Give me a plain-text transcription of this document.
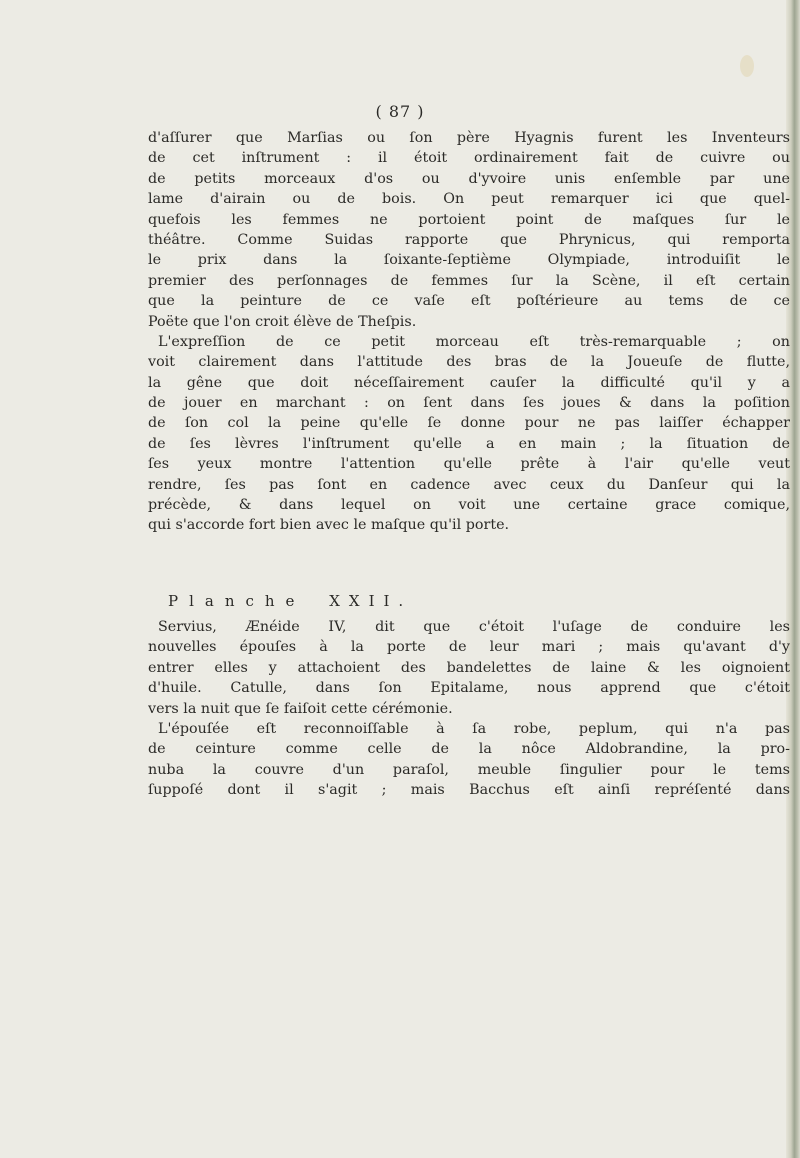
( 87 )
d'aſſurer que Marſias ou ſon père Hyagnis furent les Inventeurs
de cet inſtrument : il étoit ordinairement fait de cuivre ou
de petits morceaux d'os ou d'yvoire unis enſemble par une
lame d'airain ou de bois. On peut remarquer ici que quel-
quefois les femmes ne portoient point de maſques ſur le
théâtre. Comme Suidas rapporte que Phrynicus, qui remporta
le prix dans la ſoixante-ſeptième Olympiade, introduiſit le
premier des perſonnages de femmes ſur la Scène, il eſt certain
que la peinture de ce vaſe eſt poſtérieure au tems de ce
Poëte que l'on croit élève de Theſpis.
L'expreſſion de ce petit morceau eſt très-remarquable ; on
voit clairement dans l'attitude des bras de la Joueuſe de flutte,
la gêne que doit néceſſairement cauſer la difficulté qu'il y a
de jouer en marchant : on ſent dans ſes joues & dans la poſition
de ſon col la peine qu'elle ſe donne pour ne pas laiſſer échapper
de ſes lèvres l'inſtrument qu'elle a en main ; la ſituation de
ſes yeux montre l'attention qu'elle prête à l'air qu'elle veut
rendre, ſes pas ſont en cadence avec ceux du Danſeur qui la
précède, & dans lequel on voit une certaine grace comique,
qui s'accorde fort bien avec le maſque qu'il porte.
Planche XXII.
Servius, Ænéide IV, dit que c'étoit l'uſage de conduire les
nouvelles épouſes à la porte de leur mari ; mais qu'avant d'y
entrer elles y attachoient des bandelettes de laine & les oignoient
d'huile. Catulle, dans ſon Epitalame, nous apprend que c'étoit
vers la nuit que ſe faiſoit cette cérémonie.
L'épouſée eſt reconnoiſſable à ſa robe, peplum, qui n'a pas
de ceinture comme celle de la nôce Aldobrandine, la pro-
nuba la couvre d'un paraſol, meuble ſingulier pour le tems
ſuppoſé dont il s'agit ; mais Bacchus eſt ainſi repréſenté dans
